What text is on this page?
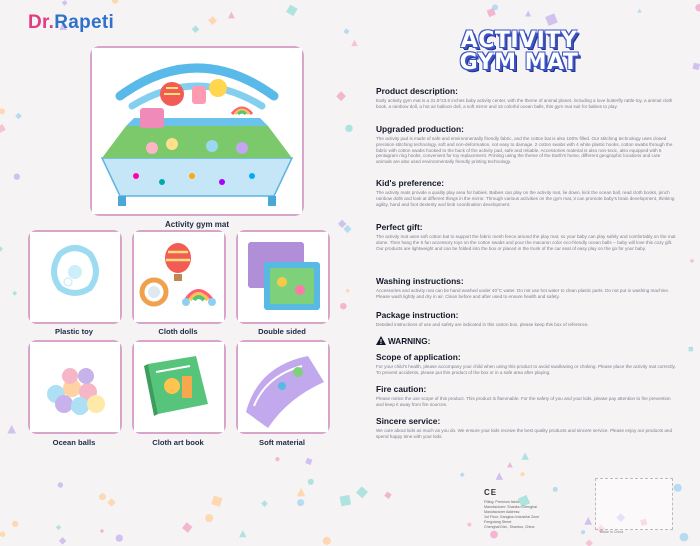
Dr.Rapeti
Activity gym mat
Plastic toy	Cloth dolls	Double sided
Ocean balls	Cloth art book	Soft material
ACTIVITY
GYM MAT
Product description:

Early activity gym mat is a 31.5*23.6 inches baby activity center, with the theme of animal planet, including a love butterfly rattle toy, a animal cloth book, a rainbow doll, a hot air balloon doll, a soft mirror and 15 colorful ocean balls, this gym mat suit for babies to play.

Upgraded production:

The activity pad is made of safe and environmentally friendly fabric, and the cotton bat is also 100% filled. Our stitching technology uses closed precision stitching technology, soft and non-deformation, not easy to damage. 2 cotton swabs with 4 white plastic hooks, cotton swabs through the fabric with cotton swabs hooked to the back of the activity pad, safe and reliable. Accessories material is also non-toxic, also equipped with 5 pentagram ring hooks, convenient for toy replacement. Printing using the theme of the Earth's home, different geographic locations and cute animals are also used environmentally friendly printing technology.

Kid's preference:

The activity mats provide a quality play area for babies. Babies can play on the activity mat, lie down, kick the ocean ball, read cloth books, pinch rainbow dolls and look at different things in the mirror. Through various activities on the gym mat, it can promote baby's brain development, thinking agility, hand and foot dexterity and limb coordination development.

Perfect gift:

The activity mat uses soft cotton bat to support the fabric mesh fence around the play mat, so your baby can play safely and comfortably on the mat alone. Then hang the 5 fun accessory toys on the cotton swabs and pour the macaron color eco-friendly ocean balls -- baby will love this cozy gift. Our products are lightweight and can be folded into the box or placed in the trunk of the car seat of easy play on the go for your baby.

Washing instructions:

Accessories and activity mat can be hand washed under 40°C water. Do not use hot water to clean plastic parts. Do not put in washing machine. Please wash lightly and dry in air. Clean before and after used to ensure health and safety.

Package instruction:

Detailed instructions of use and safety are indicated in this carton box, please keep this box of reference.

WARNING:
Scope of application:

For your child's health, please accompany your child when using this product to avoid swallowing or choking. Please place the activity mat correctly. To prevent accidents, please put this product of the box or in a safe area after playing.

Fire caution:

Please notice the use scope of this product. This product is flammable. For the safety of you and your kids, please pay attention to fire prevention and keep it away from fire sources.

Sincere service:

We care about kids as much as you do. We ensure your kids receive the best quality products and sincere service. Please enjoy our products and spend happy time with your kids.

CE
Filling: Premium fabric
Manufacturer: Shantou Chenghai
Manufacturer Address:
1st Floor, Gangkou Industrial Zone
Fengxiang Street
Chenghai Dist., Shantou, China
Made in China
